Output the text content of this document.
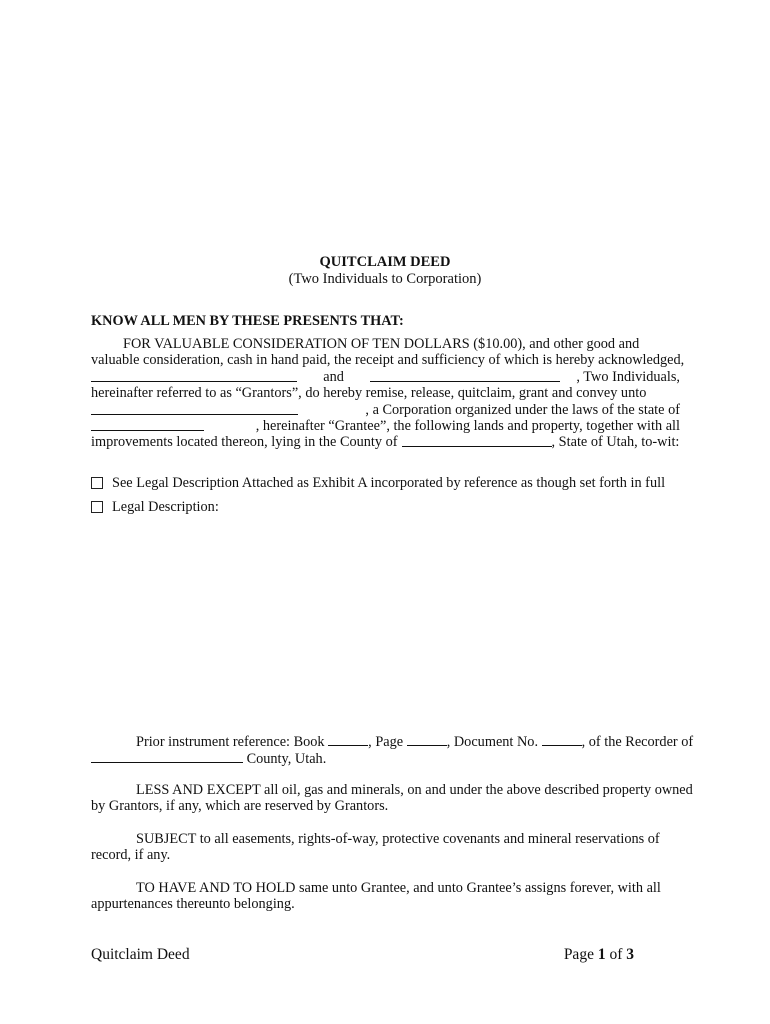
QUITCLAIM DEED
(Two Individuals to Corporation)
KNOW ALL MEN BY THESE PRESENTS THAT:
FOR VALUABLE CONSIDERATION OF TEN DOLLARS ($10.00), and other good and
valuable consideration, cash in hand paid, the receipt and sufficiency of which is hereby acknowledged,
and	, Two Individuals,
hereinafter referred to as “Grantors”, do hereby remise, release, quitclaim, grant and convey unto
, a Corporation organized under the laws of the state of
, hereinafter “Grantee”, the following lands and property, together with all
improvements located thereon, lying in the County of	, State of Utah, to-wit:
See Legal Description Attached as Exhibit A incorporated by reference as though set forth in full
Legal Description:
Prior instrument reference: Book	, Page	, Document No.	, of the Recorder of
County, Utah.
LESS AND EXCEPT all oil, gas and minerals, on and under the above described property owned
by Grantors, if any, which are reserved by Grantors.
SUBJECT to all easements, rights-of-way, protective covenants and mineral reservations of
record, if any.
TO HAVE AND TO HOLD same unto Grantee, and unto Grantee’s assigns forever, with all
appurtenances thereunto belonging.
Quitclaim Deed	Page 1 of 3
